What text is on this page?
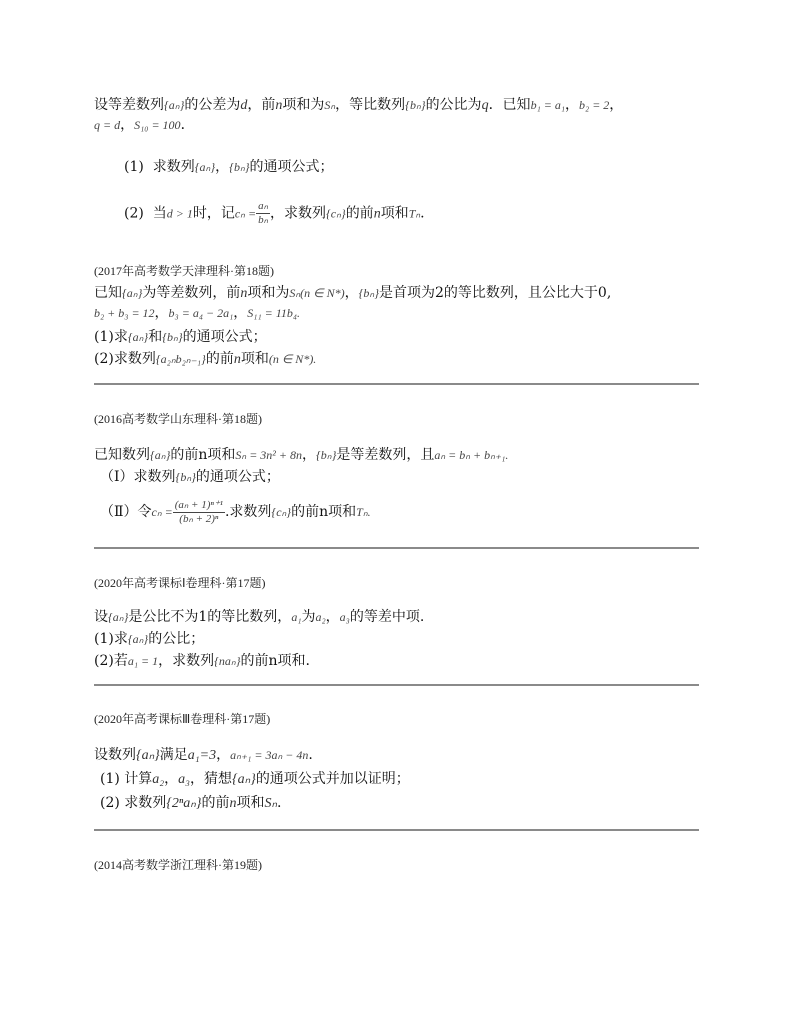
设等差数列{aₙ}的公差为d，前n项和为Sₙ，等比数列{bₙ}的公比为q．已知b₁ = a₁，b₂ = 2，
q = d，S₁₀ = 100．
(1) 求数列{aₙ}，{bₙ}的通项公式；
(2) 当d > 1时，记$c_n = \frac{\text{aₙ}}{\text{bₙ}}$ ，求数列{cₙ}的前n项和Tₙ.
(2017年高考数学天津理科·第18题)
已知{aₙ}为等差数列，前n项和为Sₙ(n ∈ N*)，{bₙ}是首项为2的等比数列，且公比大于0,
b₂ + b₃ = 12，b₃ = a₄ − 2a₁，S₁₁ = 11b₄.
(1)求{aₙ}和{bₙ}的通项公式；
(2)求数列{a₂ₙb₂ₙ₋₁}的前n项和(n ∈ N*).
(2016高考数学山东理科·第18题)
已知数列{aₙ}的前n项和Sₙ = 3n² + 8n，{bₙ}是等差数列，且aₙ = bₙ + bₙ₊₁.
（Ⅰ）求数列{bₙ}的通项公式；
（Ⅱ）令$c_n = \frac{\text{(aₙ + 1)ⁿ⁺¹}}{\text{(bₙ + 2)ⁿ}}$ .求数列{cₙ}的前n项和Tₙ.
(2020年高考课标Ⅰ卷理科·第17题)
设{aₙ}是公比不为1的等比数列，a₁为a₂，a₃的等差中项.
(1)求{aₙ}的公比；
(2)若a₁ = 1，求数列{naₙ}的前n项和.
(2020年高考课标Ⅲ卷理科·第17题)
设数列{aₙ}满足a₁=3，aₙ₊₁ = 3aₙ − 4n.
(1) 计算a₂，a₃，猜想{aₙ}的通项公式并加以证明；
(2) 求数列{2ⁿaₙ}的前n项和Sₙ.
(2014高考数学浙江理科·第19题)
